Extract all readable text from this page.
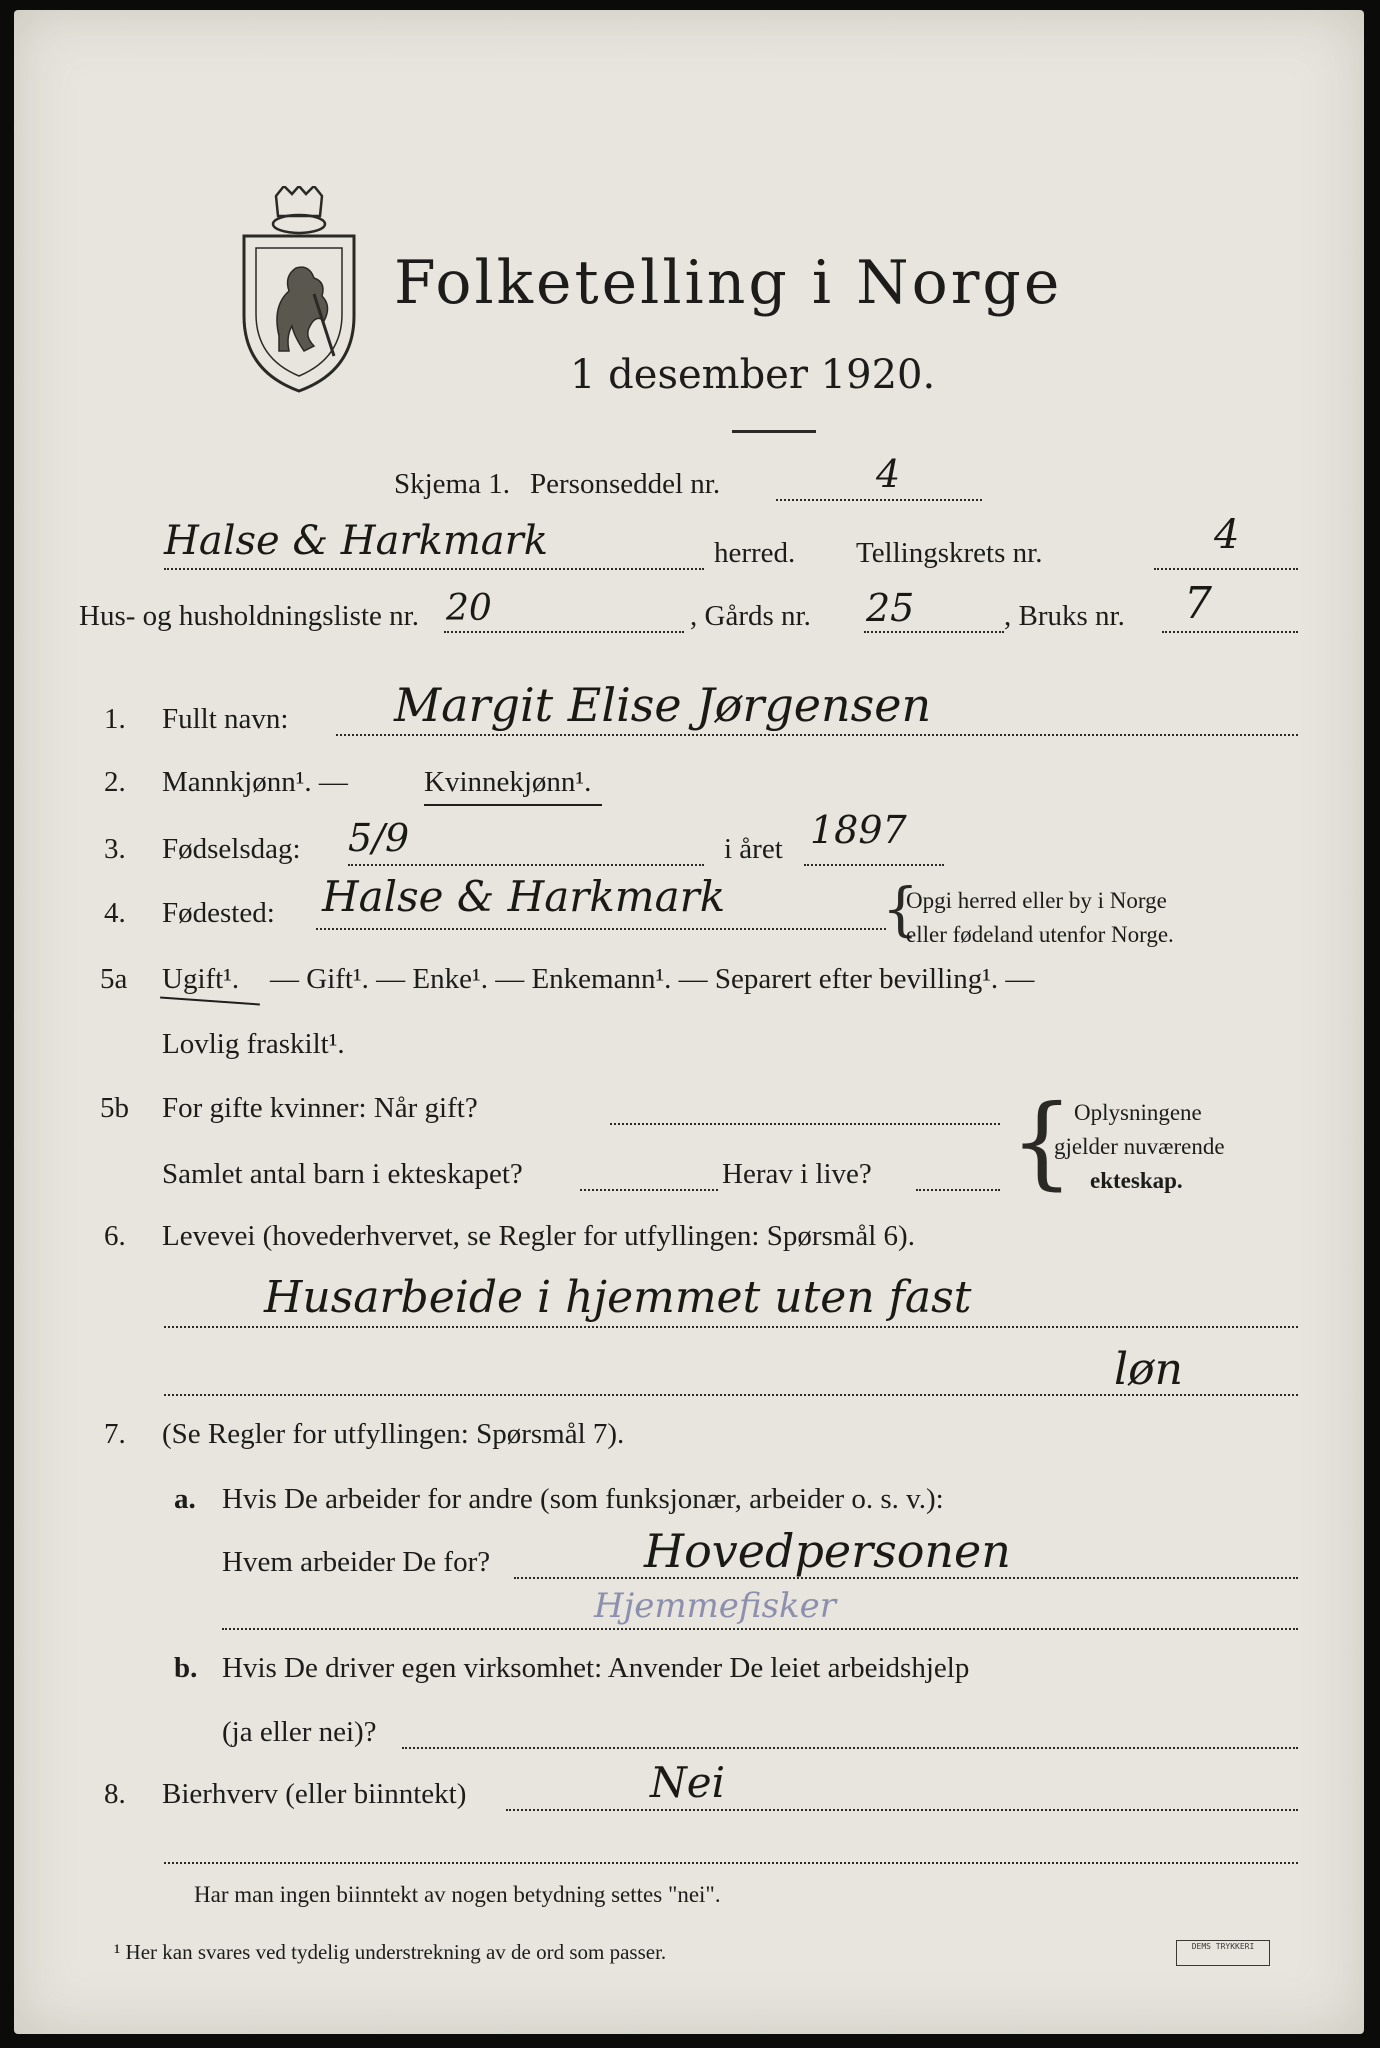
Folketelling i Norge
1 desember 1920.
Skjema 1. Personseddel nr.	4
Halse & Harkmark	herred. Tellingskrets nr.	4
Hus- og husholdningsliste nr. 20	, Gårds nr. 25	, Bruks nr. 7
1. Fullt navn: Margit Elise Jørgensen
2. Mannkjønn¹. —	Kvinnekjønn¹.
3. Fødselsdag: 5/9	i året 1897
4. Fødested: Halse & Harkmark	{
Opgi herred eller by i Norge
eller fødeland utenfor Norge.
5a Ugift¹. — Gift¹. — Enke¹. — Enkemann¹. — Separert efter bevilling¹. —
Lovlig fraskilt¹.
5b For gifte kvinner: Når gift?
Samlet antal barn i ekteskapet?	Herav i live? { Oplysningene
gjelder nuværende
ekteskap.
6. Levevei (hovederhvervet, se Regler for utfyllingen: Spørsmål 6).
Husarbeide i hjemmet uten fast
løn
7. (Se Regler for utfyllingen: Spørsmål 7).
a. Hvis De arbeider for andre (som funksjonær, arbeider o. s. v.):
Hvem arbeider De for?	Hovedpersonen
Hjemmefisker
b. Hvis De driver egen virksomhet: Anvender De leiet arbeidshjelp
(ja eller nei)?
8. Bierhverv (eller biinntekt)	Nei
Har man ingen biinntekt av nogen betydning settes "nei".
¹ Her kan svares ved tydelig understrekning av de ord som passer.	DEMS TRYKKERI
